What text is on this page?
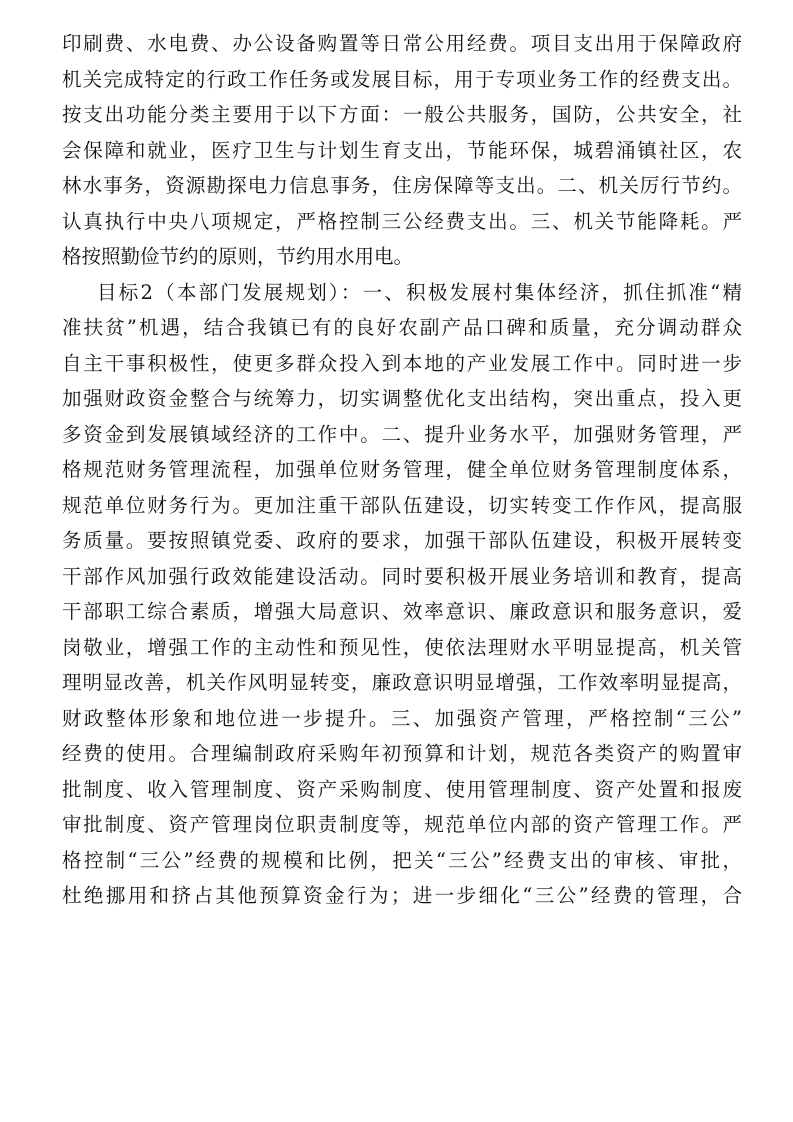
印刷费、水电费、办公设备购置等日常公用经费。项目支出用于保障政府
机关完成特定的行政工作任务或发展目标，用于专项业务工作的经费支出。
按支出功能分类主要用于以下方面：一般公共服务，国防，公共安全，社
会保障和就业，医疗卫生与计划生育支出，节能环保，城碧涌镇社区，农
林水事务，资源勘探电力信息事务，住房保障等支出。二、机关厉行节约。
认真执行中央八项规定，严格控制三公经费支出。三、机关节能降耗。严
格按照勤俭节约的原则，节约用水用电。
目标2（本部门发展规划）：一、积极发展村集体经济，抓住抓准“精
准扶贫”机遇，结合我镇已有的良好农副产品口碑和质量，充分调动群众
自主干事积极性，使更多群众投入到本地的产业发展工作中。同时进一步
加强财政资金整合与统筹力，切实调整优化支出结构，突出重点，投入更
多资金到发展镇域经济的工作中。二、提升业务水平，加强财务管理，严
格规范财务管理流程，加强单位财务管理，健全单位财务管理制度体系，
规范单位财务行为。更加注重干部队伍建设，切实转变工作作风，提高服
务质量。要按照镇党委、政府的要求，加强干部队伍建设，积极开展转变
干部作风加强行政效能建设活动。同时要积极开展业务培训和教育，提高
干部职工综合素质，增强大局意识、效率意识、廉政意识和服务意识，爱
岗敬业，增强工作的主动性和预见性，使依法理财水平明显提高，机关管
理明显改善，机关作风明显转变，廉政意识明显增强，工作效率明显提高，
财政整体形象和地位进一步提升。三、加强资产管理，严格控制“三公”
经费的使用。合理编制政府采购年初预算和计划，规范各类资产的购置审
批制度、收入管理制度、资产采购制度、使用管理制度、资产处置和报废
审批制度、资产管理岗位职责制度等，规范单位内部的资产管理工作。严
格控制“三公”经费的规模和比例，把关“三公”经费支出的审核、审批，
杜绝挪用和挤占其他预算资金行为；进一步细化“三公”经费的管理，合
